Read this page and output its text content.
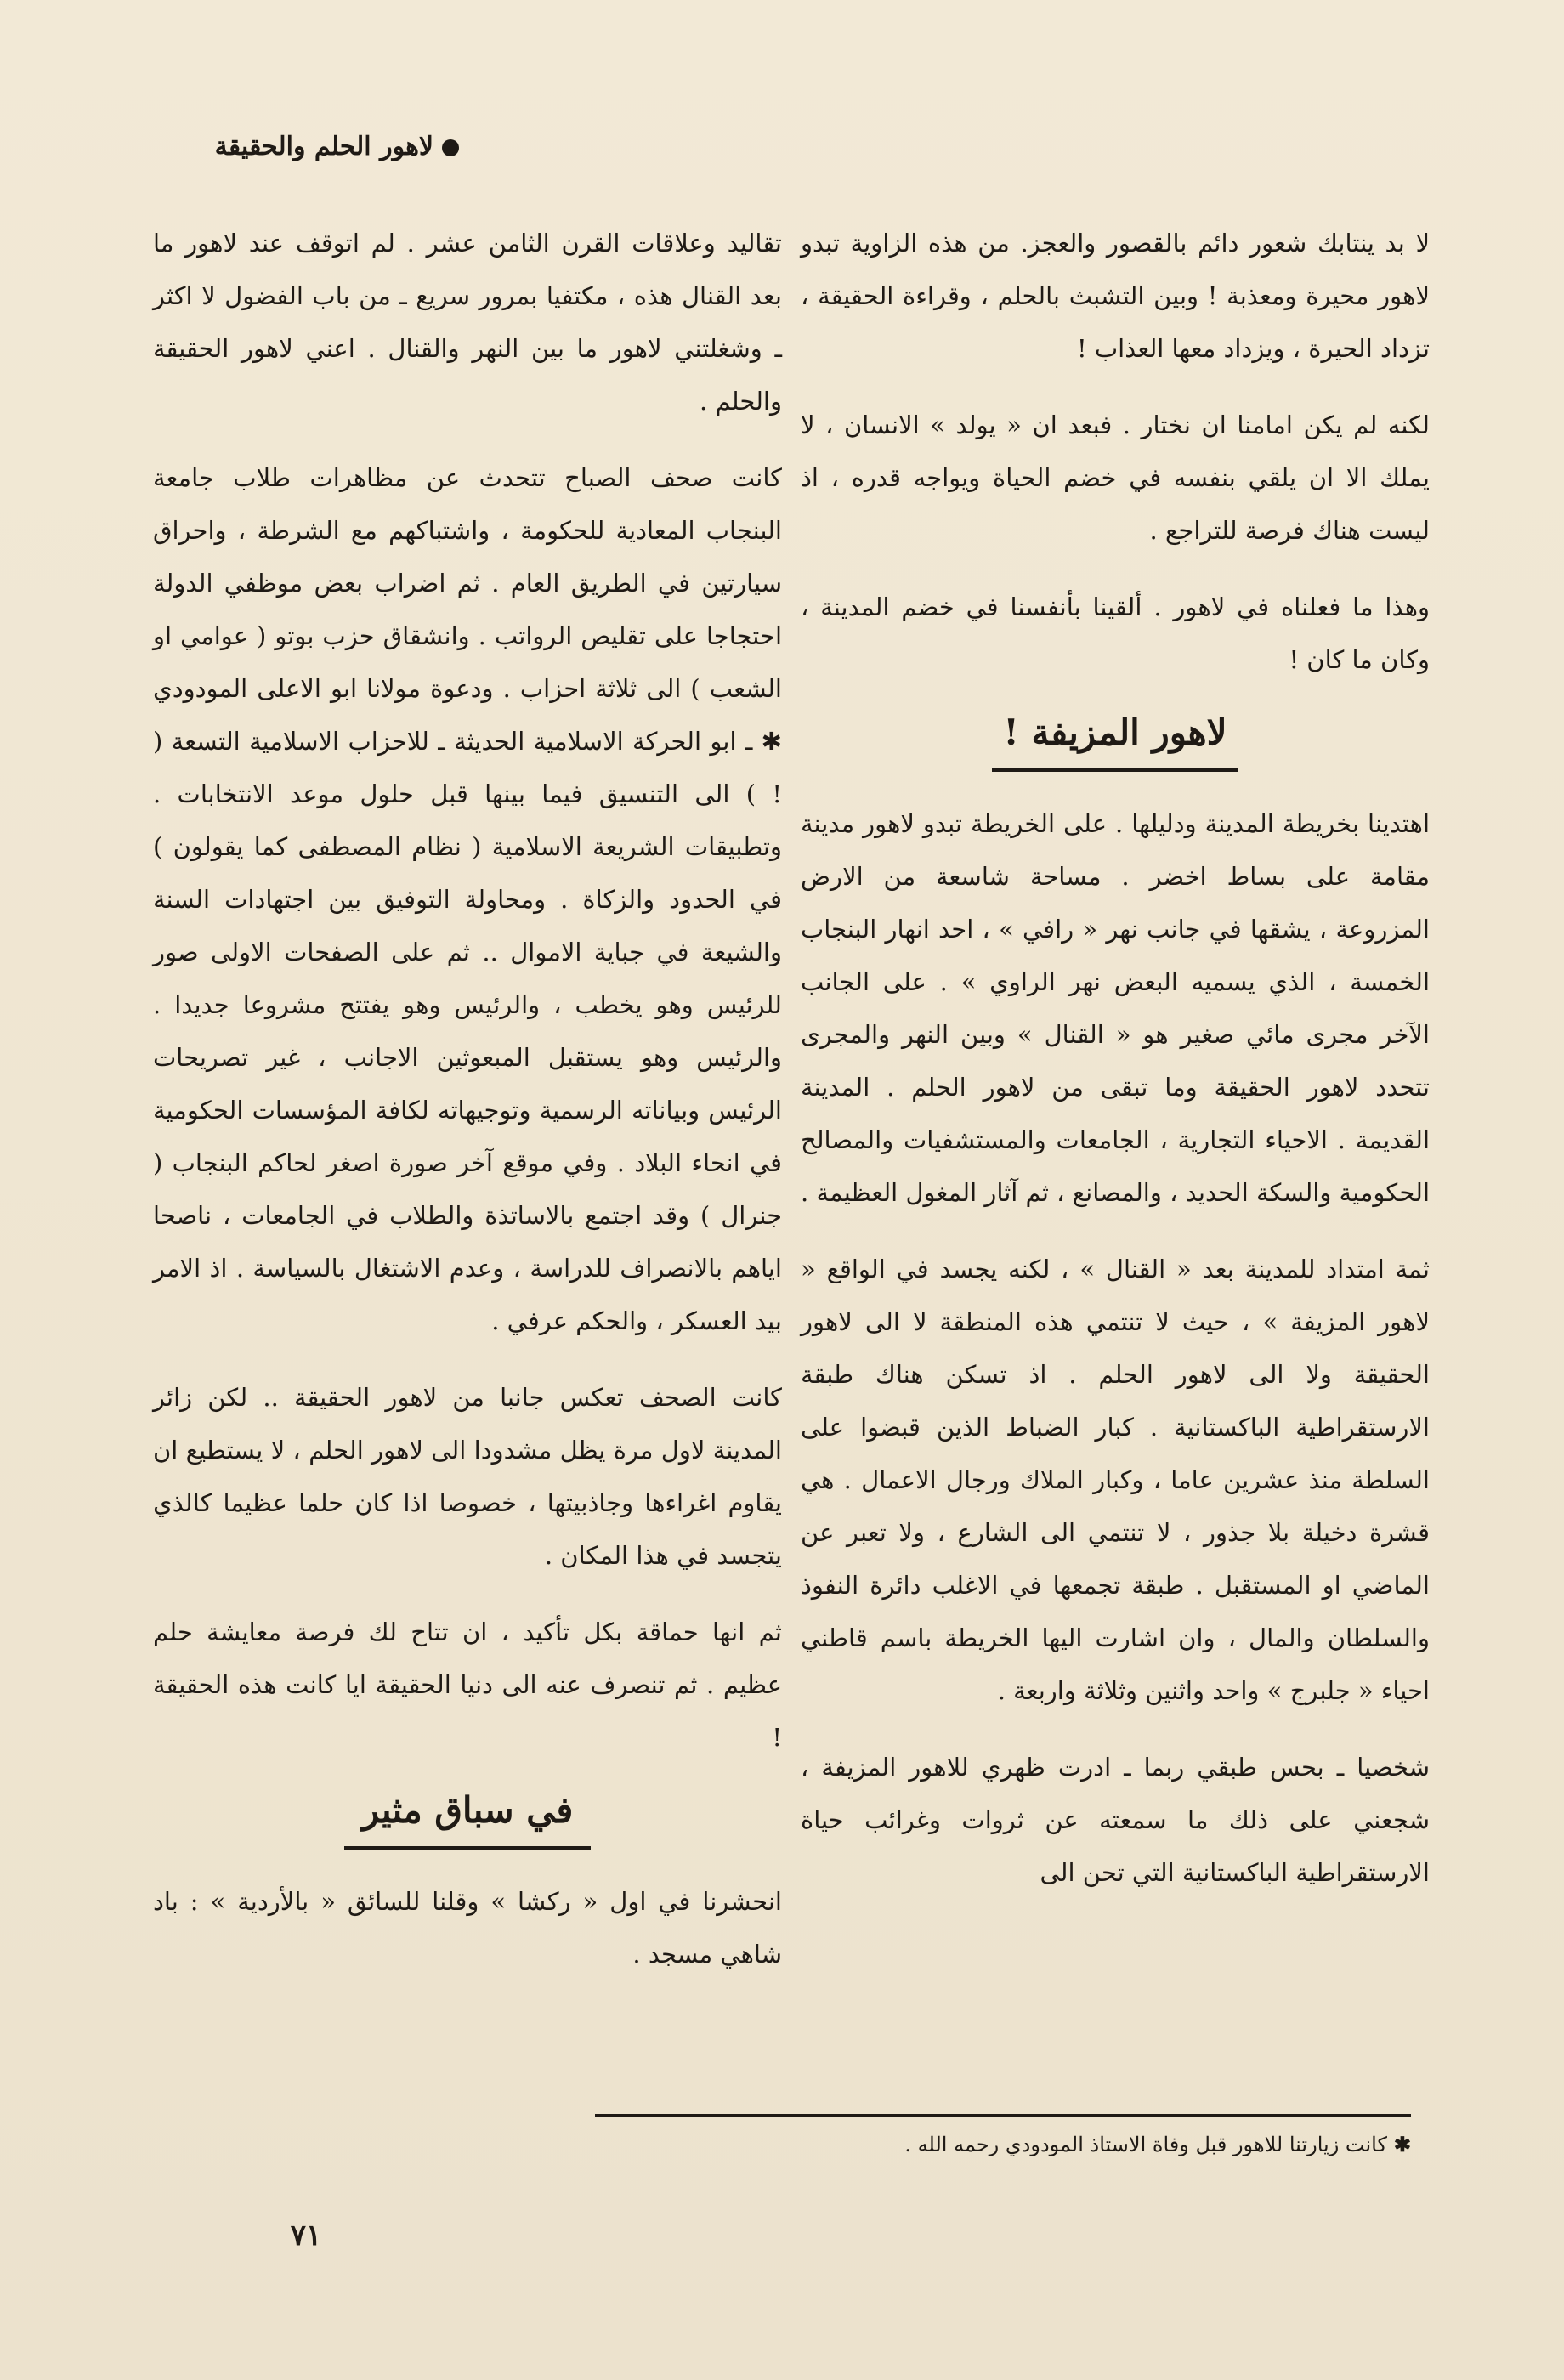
لاهور الحلم والحقيقة

لا بد ينتابك شعور دائم بالقصور والعجز. من هذه الزاوية تبدو لاهور محيرة ومعذبة ! وبين التشبث بالحلم ، وقراءة الحقيقة ، تزداد الحيرة ، ويزداد معها العذاب !

لكنه لم يكن امامنا ان نختار . فبعد ان « يولد » الانسان ، لا يملك الا ان يلقي بنفسه في خضم الحياة ويواجه قدره ، اذ ليست هناك فرصة للتراجع .

وهذا ما فعلناه في لاهور . ألقينا بأنفسنا في خضم المدينة ، وكان ما كان !

لاهور المزيفة !

اهتدينا بخريطة المدينة ودليلها . على الخريطة تبدو لاهور مدينة مقامة على بساط اخضر . مساحة شاسعة من الارض المزروعة ، يشقها في جانب نهر « رافي » ، احد انهار البنجاب الخمسة ، الذي يسميه البعض نهر الراوي » . على الجانب الآخر مجرى مائي صغير هو « القنال » وبين النهر والمجرى تتحدد لاهور الحقيقة وما تبقى من لاهور الحلم . المدينة القديمة . الاحياء التجارية ، الجامعات والمستشفيات والمصالح الحكومية والسكة الحديد ، والمصانع ، ثم آثار المغول العظيمة .

ثمة امتداد للمدينة بعد « القنال » ، لكنه يجسد في الواقع « لاهور المزيفة » ، حيث لا تنتمي هذه المنطقة لا الى لاهور الحقيقة ولا الى لاهور الحلم . اذ تسكن هناك طبقة الارستقراطية الباكستانية . كبار الضباط الذين قبضوا على السلطة منذ عشرين عاما ، وكبار الملاك ورجال الاعمال . هي قشرة دخيلة بلا جذور ، لا تنتمي الى الشارع ، ولا تعبر عن الماضي او المستقبل . طبقة تجمعها في الاغلب دائرة النفوذ والسلطان والمال ، وان اشارت اليها الخريطة باسم قاطني احياء « جلبرج » واحد واثنين وثلاثة واربعة .

شخصيا ـ بحس طبقي ربما ـ ادرت ظهري للاهور المزيفة ، شجعني على ذلك ما سمعته عن ثروات وغرائب حياة الارستقراطية الباكستانية التي تحن الى

تقاليد وعلاقات القرن الثامن عشر . لم اتوقف عند لاهور ما بعد القنال هذه ، مكتفيا بمرور سريع ـ من باب الفضول لا اكثر ـ وشغلتني لاهور ما بين النهر والقنال . اعني لاهور الحقيقة والحلم .

كانت صحف الصباح تتحدث عن مظاهرات طلاب جامعة البنجاب المعادية للحكومة ، واشتباكهم مع الشرطة ، واحراق سيارتين في الطريق العام . ثم اضراب بعض موظفي الدولة احتجاجا على تقليص الرواتب . وانشقاق حزب بوتو ( عوامي او الشعب ) الى ثلاثة احزاب . ودعوة مولانا ابو الاعلى المودودي ✱ ـ ابو الحركة الاسلامية الحديثة ـ للاحزاب الاسلامية التسعة ( ! ) الى التنسيق فيما بينها قبل حلول موعد الانتخابات . وتطبيقات الشريعة الاسلامية ( نظام المصطفى كما يقولون ) في الحدود والزكاة . ومحاولة التوفيق بين اجتهادات السنة والشيعة في جباية الاموال .. ثم على الصفحات الاولى صور للرئيس وهو يخطب ، والرئيس وهو يفتتح مشروعا جديدا . والرئيس وهو يستقبل المبعوثين الاجانب ، غير تصريحات الرئيس وبياناته الرسمية وتوجيهاته لكافة المؤسسات الحكومية في انحاء البلاد . وفي موقع آخر صورة اصغر لحاكم البنجاب ( جنرال ) وقد اجتمع بالاساتذة والطلاب في الجامعات ، ناصحا اياهم بالانصراف للدراسة ، وعدم الاشتغال بالسياسة . اذ الامر بيد العسكر ، والحكم عرفي .

كانت الصحف تعكس جانبا من لاهور الحقيقة .. لكن زائر المدينة لاول مرة يظل مشدودا الى لاهور الحلم ، لا يستطيع ان يقاوم اغراءها وجاذبيتها ، خصوصا اذا كان حلما عظيما كالذي يتجسد في هذا المكان .

ثم انها حماقة بكل تأكيد ، ان تتاح لك فرصة معايشة حلم عظيم . ثم تنصرف عنه الى دنيا الحقيقة ايا كانت هذه الحقيقة !

في سباق مثير

انحشرنا في اول « ركشا » وقلنا للسائق « بالأردية » : باد شاهي مسجد .

✱كانت زيارتنا للاهور قبل وفاة الاستاذ المودودي رحمه الله .
٧١
